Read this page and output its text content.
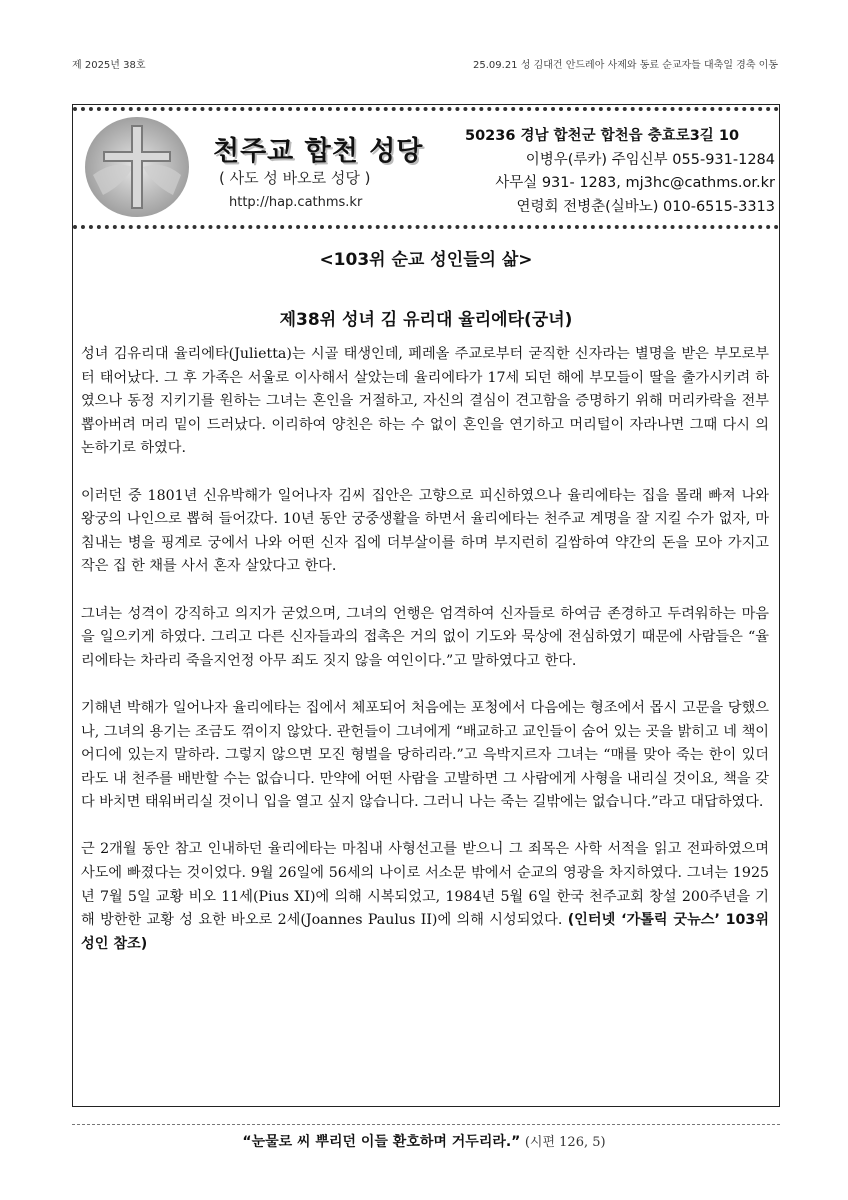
제 2025년 38호	25.09.21 성 김대건 안드레아 사제와 동료 순교자들 대축일 경축 이동
천주교 합천 성당
( 사도 성 바오로 성당 )
http://hap.cathms.kr
50236 경남 합천군 합천읍 충효로3길 10
이병우(루카) 주임신부 055-931-1284
사무실 931- 1283, mj3hc@cathms.or.kr
연령회 전병춘(실바노) 010-6515-3313
<103위 순교 성인들의 삶>
제38위 성녀 김 유리대 율리에타(궁녀)

성녀 김유리대 율리에타(Julietta)는 시골 태생인데, 페레올 주교로부터 굳직한 신자라는 별명을 받은 부모로부터 태어났다. 그 후 가족은 서울로 이사해서 살았는데 율리에타가 17세 되던 해에 부모들이 딸을 출가시키려 하였으나 동정 지키기를 원하는 그녀는 혼인을 거절하고, 자신의 결심이 견고함을 증명하기 위해 머리카락을 전부 뽑아버려 머리 밑이 드러났다. 이리하여 양친은 하는 수 없이 혼인을 연기하고 머리털이 자라나면 그때 다시 의논하기로 하였다.

이러던 중 1801년 신유박해가 일어나자 김씨 집안은 고향으로 피신하였으나 율리에타는 집을 몰래 빠져 나와 왕궁의 나인으로 뽑혀 들어갔다. 10년 동안 궁중생활을 하면서 율리에타는 천주교 계명을 잘 지킬 수가 없자, 마침내는 병을 핑계로 궁에서 나와 어떤 신자 집에 더부살이를 하며 부지런히 길쌈하여 약간의 돈을 모아 가지고 작은 집 한 채를 사서 혼자 살았다고 한다.

그녀는 성격이 강직하고 의지가 굳었으며, 그녀의 언행은 엄격하여 신자들로 하여금 존경하고 두려워하는 마음을 일으키게 하였다. 그리고 다른 신자들과의 접촉은 거의 없이 기도와 묵상에 전심하였기 때문에 사람들은 “율리에타는 차라리 죽을지언정 아무 죄도 짓지 않을 여인이다.”고 말하였다고 한다.

기해년 박해가 일어나자 율리에타는 집에서 체포되어 처음에는 포청에서 다음에는 형조에서 몹시 고문을 당했으나, 그녀의 용기는 조금도 꺾이지 않았다. 관헌들이 그녀에게 “배교하고 교인들이 숨어 있는 곳을 밝히고 네 책이 어디에 있는지 말하라. 그렇지 않으면 모진 형벌을 당하리라.”고 윽박지르자 그녀는 “매를 맞아 죽는 한이 있더라도 내 천주를 배반할 수는 없습니다. 만약에 어떤 사람을 고발하면 그 사람에게 사형을 내리실 것이요, 책을 갖다 바치면 태워버리실 것이니 입을 열고 싶지 않습니다. 그러니 나는 죽는 길밖에는 없습니다.”라고 대답하였다.

근 2개월 동안 참고 인내하던 율리에타는 마침내 사형선고를 받으니 그 죄목은 사학 서적을 읽고 전파하였으며 사도에 빠졌다는 것이었다. 9월 26일에 56세의 나이로 서소문 밖에서 순교의 영광을 차지하였다. 그녀는 1925년 7월 5일 교황 비오 11세(Pius XI)에 의해 시복되었고, 1984년 5월 6일 한국 천주교회 창설 200주년을 기해 방한한 교황 성 요한 바오로 2세(Joannes Paulus II)에 의해 시성되었다. (인터넷 ‘가톨릭 굿뉴스’ 103위 성인 참조)

“눈물로 씨 뿌리던 이들 환호하며 거두리라.” (시편 126, 5)
